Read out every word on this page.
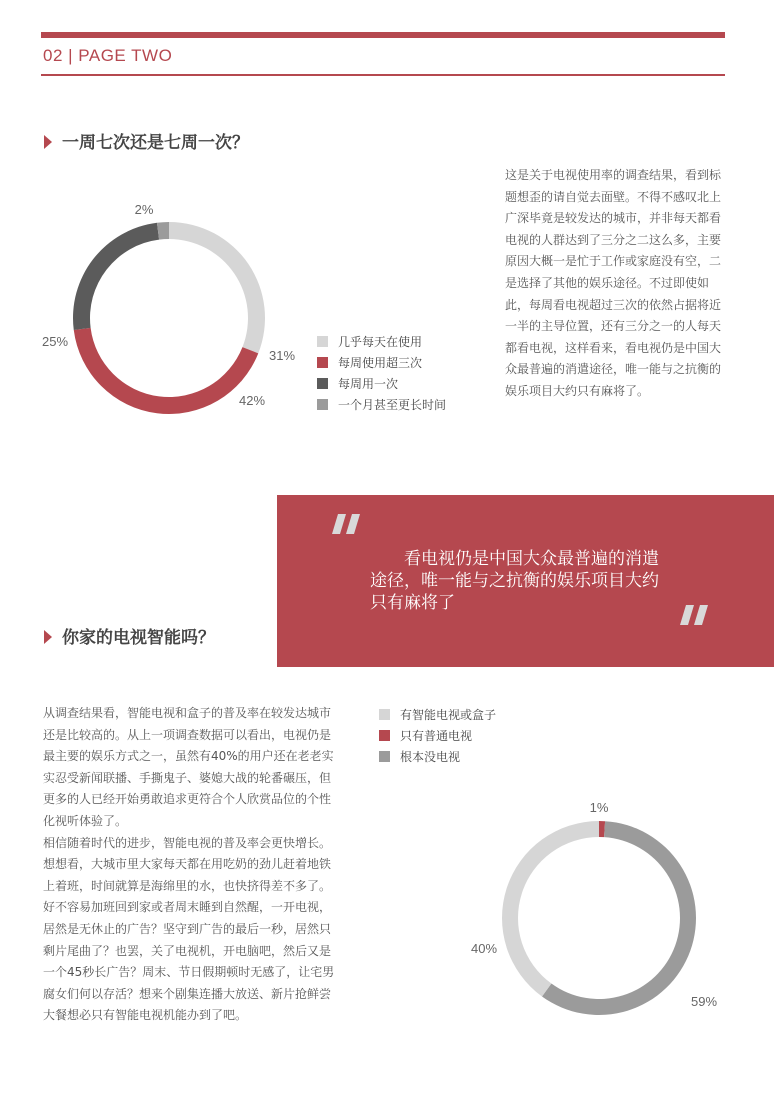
02 | PAGE TWO
一周七次还是七周一次？

这是关于电视使用率的调查结果，看到标题想歪的请自觉去面壁。不得不感叹北上广深毕竟是较发达的城市，并非每天都看电视的人群达到了三分之二这么多，主要原因大概一是忙于工作或家庭没有空，二是选择了其他的娱乐途径。不过即使如此，每周看电视超过三次的依然占据将近一半的主导位置，还有三分之一的人每天都看电视，这样看来，看电视仍是中国大众最普遍的消遣途径，唯一能与之抗衡的娱乐项目大约只有麻将了。

31%
42%
25%
2%
59%
40%
1%
几乎每天在使用
每周使用超三次
每周用一次
一个月甚至更长时间
有智能电视或盒子
只有普通电视
根本没电视
看电视仍是中国大众最普遍的消遣途径，唯一能与之抗衡的娱乐项目大约只有麻将了
你家的电视智能吗？

从调查结果看，智能电视和盒子的普及率在较发达城市还是比较高的。从上一项调查数据可以看出，电视仍是最主要的娱乐方式之一，虽然有40%的用户还在老老实实忍受新闻联播、手撕鬼子、婆媳大战的轮番碾压，但更多的人已经开始勇敢追求更符合个人欣赏品位的个性化视听体验了。

相信随着时代的进步，智能电视的普及率会更快增长。想想看，大城市里大家每天都在用吃奶的劲儿赶着地铁上着班，时间就算是海绵里的水，也快挤得差不多了。好不容易加班回到家或者周末睡到自然醒，一开电视，居然是无休止的广告？坚守到广告的最后一秒，居然只剩片尾曲了？也罢，关了电视机，开电脑吧，然后又是一个45秒长广告？周末、节日假期顿时无感了，让宅男腐女们何以存活？想来个剧集连播大放送、新片抢鲜尝大餐想必只有智能电视机能办到了吧。
